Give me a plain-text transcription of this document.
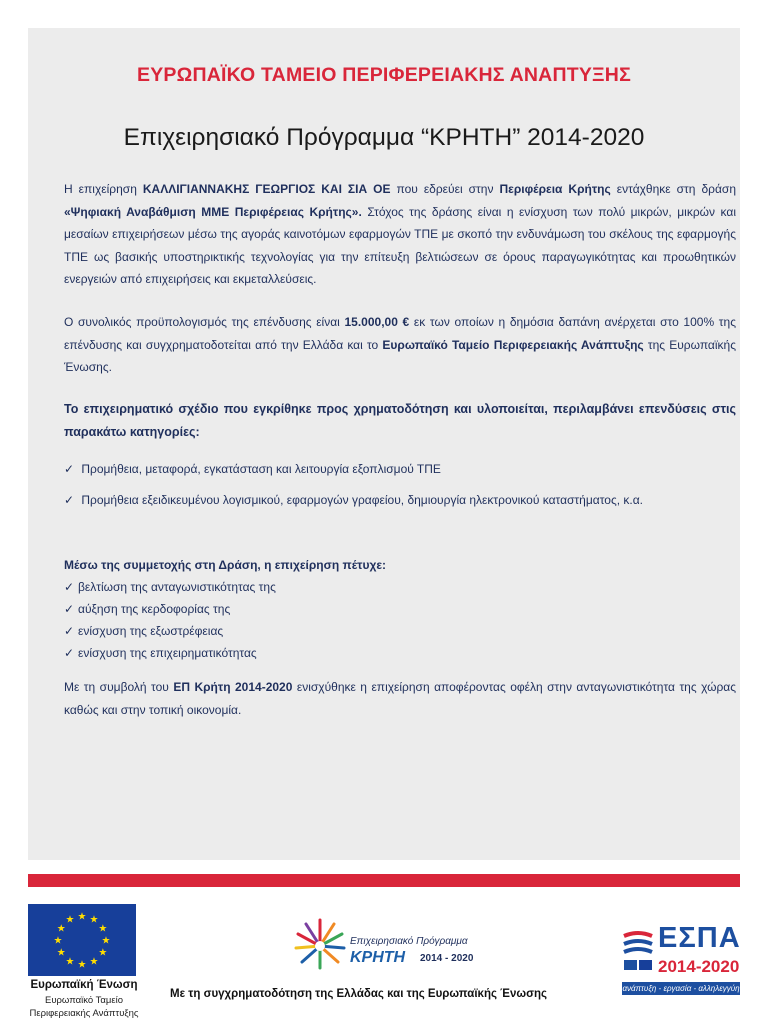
ΕΥΡΩΠΑΪΚΟ ΤΑΜΕΙΟ ΠΕΡΙΦΕΡΕΙΑΚΗΣ ΑΝΑΠΤΥΞΗΣ
Επιχειρησιακό Πρόγραμμα “ΚΡΗΤΗ” 2014-2020
Η επιχείρηση ΚΑΛΛΙΓΙΑΝΝΑΚΗΣ ΓΕΩΡΓΙΟΣ ΚΑΙ ΣΙΑ ΟΕ που εδρεύει στην Περιφέρεια Κρήτης εντάχθηκε στη δράση «Ψηφιακή Αναβάθμιση ΜΜΕ Περιφέρειας Κρήτης». Στόχος της δράσης είναι η ενίσχυση των πολύ μικρών, μικρών και μεσαίων επιχειρήσεων μέσω της αγοράς καινοτόμων εφαρμογών ΤΠΕ με σκοπό την ενδυνάμωση του σκέλους της εφαρμογής ΤΠΕ ως βασικής υποστηρικτικής τεχνολογίας για την επίτευξη βελτιώσεων σε όρους παραγωγικότητας και προωθητικών ενεργειών από επιχειρήσεις και εκμεταλλεύσεις.
Ο συνολικός προϋπολογισμός της επένδυσης είναι 15.000,00 € εκ των οποίων η δημόσια δαπάνη ανέρχεται στο 100% της επένδυσης και συγχρηματοδοτείται από την Ελλάδα και το Ευρωπαϊκό Ταμείο Περιφερειακής Ανάπτυξης της Ευρωπαϊκής Ένωσης.
Το επιχειρηματικό σχέδιο που εγκρίθηκε προς χρηματοδότηση και υλοποιείται, περιλαμβάνει επενδύσεις στις παρακάτω κατηγορίες:
✓ Προμήθεια, μεταφορά, εγκατάσταση και λειτουργία εξοπλισμού ΤΠΕ
✓ Προμήθεια εξειδικευμένου λογισμικού, εφαρμογών γραφείου, δημιουργία ηλεκτρονικού καταστήματος, κ.α.
Μέσω της συμμετοχής στη Δράση, η επιχείρηση πέτυχε:
✓ βελτίωση της ανταγωνιστικότητας της
✓ αύξηση της κερδοφορίας της
✓ ενίσχυση της εξωστρέφειας
✓ ενίσχυση της επιχειρηματικότητας
Με τη συμβολή του ΕΠ Κρήτη 2014-2020 ενισχύθηκε η επιχείρηση αποφέροντας οφέλη στην ανταγωνιστικότητα της χώρας καθώς και στην τοπική οικονομία.
★ ★
★
★
★
★
★
★
★
★
★
★
Ευρωπαϊκή Ένωση
Ευρωπαϊκό Ταμείο
Περιφερειακής Ανάπτυξης
Επιχειρησιακό Πρόγραμμα
ΚΡΗΤΗ 2014 - 2020
Με τη συγχρηματοδότηση της Ελλάδας και της Ευρωπαϊκής Ένωσης
ΕΣΠΑ
2014-2020
ανάπτυξη - εργασία - αλληλεγγύη
